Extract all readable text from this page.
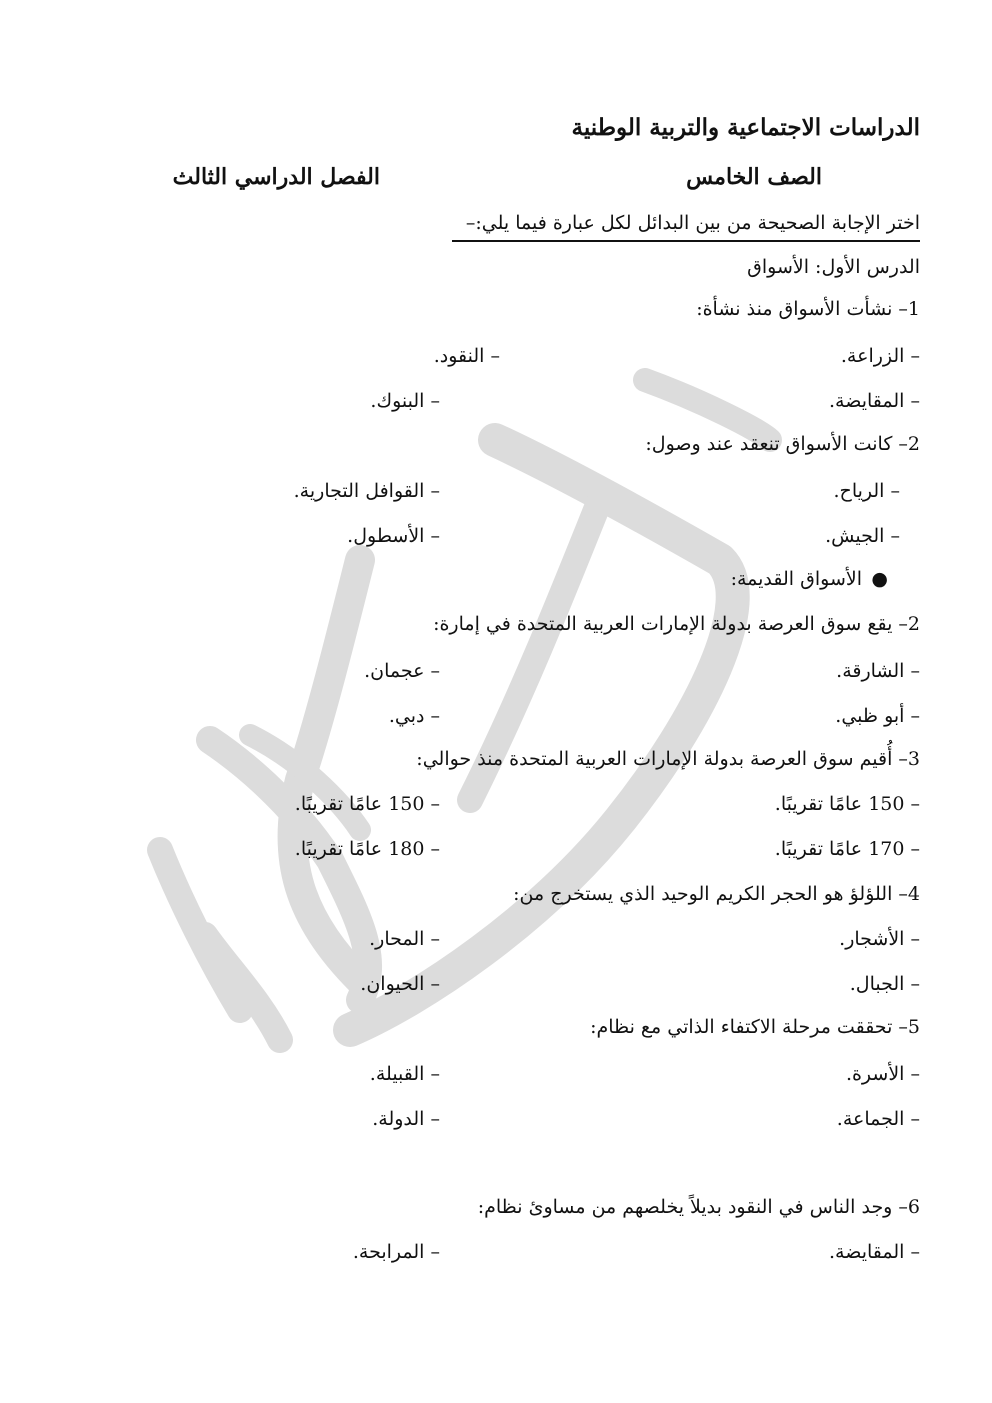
الدراسات الاجتماعية والتربية الوطنية
الصف الخامس
الفصل الدراسي الثالث
اختر الإجابة الصحيحة من بين البدائل لكل عبارة فيما يلي:–
الدرس الأول: الأسواق
1– نشأت الأسواق منذ نشأة:
– الزراعة.
– النقود.
– المقايضة.
– البنوك.
2– كانت الأسواق تنعقد عند وصول:
– الرياح.
– القوافل التجارية.
– الجيش.
– الأسطول.
●
الأسواق القديمة:
2– يقع سوق العرصة بدولة الإمارات العربية المتحدة في إمارة:
– الشارقة.
– عجمان.
– أبو ظبي.
– دبي.
3– أُقيم سوق العرصة بدولة الإمارات العربية المتحدة منذ حوالي:
– 150 عامًا تقريبًا.
– 150 عامًا تقريبًا.
– 170 عامًا تقريبًا.
– 180 عامًا تقريبًا.
4– اللؤلؤ هو الحجر الكريم الوحيد الذي يستخرج من:
– الأشجار.
– المحار.
– الجبال.
– الحيوان.
5– تحققت مرحلة الاكتفاء الذاتي مع نظام:
– الأسرة.
– القبيلة.
– الجماعة.
– الدولة.
6– وجد الناس في النقود بديلاً يخلصهم من مساوئ نظام:
– المقايضة.
– المرابحة.
